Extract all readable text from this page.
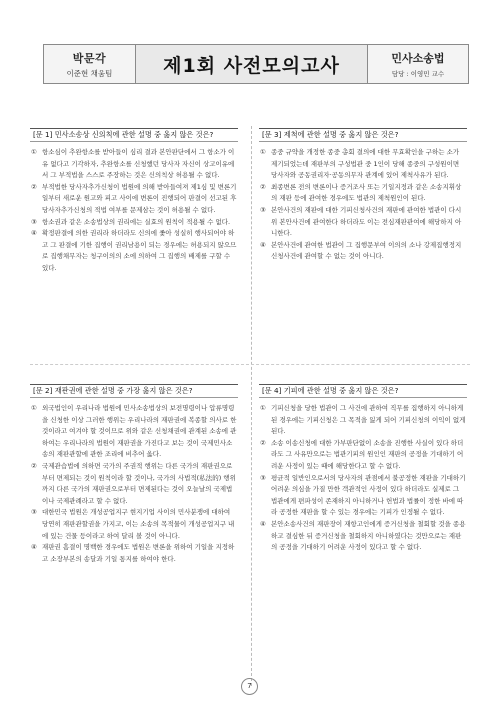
박문각
이준현 채움팀	제1회 사전모의고사	민사소송법
담당 : 이영민 교수
[문 1] 민사소송상 신의칙에 관한 설명 중 옳지 않은 것은?
① 항소심이 추완항소를 받아들이 심리 결과 본안판단에서 그 항소가 이유 없다고 기각하자, 추완항소를 신청했던 당사자 자신이 상고이유에서 그 부적법을 스스로 주장하는 것은 신의칙상 허용될 수 없다.
② 부적법한 당사자추가신청이 법원에 의해 받아들여져 제1심 및 변론기일부터 새로운 원고와 피고 사이에 변론이 진행되어 판결이 선고된 후 당사자추가신청의 적법 여부를 문제삼는 것이 허용될 수 없다.
③ 항소권과 같은 소송법상의 권리에는 실효의 원칙이 적용될 수 없다.
④ 확정판결에 의한 권리라 하더라도 신의에 좇아 성실히 행사되어야 하고 그 판결에 기한 집행이 권리남용이 되는 경우에는 허용되지 않으므로 집행채무자는 청구이의의 소에 의하여 그 집행의 배제를 구할 수 있다.
[문 3] 제척에 관한 설명 중 옳지 않은 것은?
① 종중 규약을 개정한 종중 총회 결의에 대한 무효확인을 구하는 소가 제기되었는데 재판부의 구성법관 중 1인이 당해 종중의 구성원이면 당사자와 공동권리자·공동의무자 관계에 있어 제척사유가 된다.
② 최종변론 전의 변론이나 증거조사 또는 기일지정과 같은 소송지휘상의 재판 등에 관여한 경우에도 법관의 제척원인이 된다.
③ 본안사건의 재판에 대한 기피신청사건의 재판에 관여한 법관이 다시 위 본안사건에 관여한다 하더라도 이는 전심재판관여에 해당하지 아니한다.
④ 본안사건에 관여한 법관이 그 집행문부여 이의의 소나 강제집행정지 신청사건에 관여할 수 없는 것이 아니다.
[문 2] 재판권에 관한 설명 중 가장 옳지 않은 것은?
① 외국법인이 우리나라 법원에 민사소송법상의 보전명령이나 압류명령을 신청한 이상 그러한 행위는 우리나라의 재판권에 복종할 의사로 한 것이라고 여겨야 할 것이므로 위와 같은 신청채권에 관계된 소송에 관하여는 우리나라의 법원이 재판권을 가진다고 보는 것이 국제민사소송의 재판관할에 관한 조리에 비추어 옳다.
② 국제관습법에 의하면 국가의 주권적 행위는 다른 국가의 재판권으로부터 면제되는 것이 원칙이라 할 것이나, 국가의 사법적(私法的) 행위까지 다른 국가의 재판권으로부터 면제된다는 것이 오늘날의 국제법이나 국제관례라고 할 수 없다.
③ 대한민국 법원은 개성공업지구 현지기업 사이의 민사분쟁에 대하여 당연히 재판관할권을 가지고, 이는 소송의 목적물이 개성공업지구 내에 있는 건물 등이라고 하여 달리 볼 것이 아니다.
④ 재판권 흠결이 명백한 경우에도 법원은 변론을 위하여 기일을 지정하고 소장부본의 송달과 기일 통지를 하여야 한다.
[문 4] 기피에 관한 설명 중 옳지 않은 것은?
① 기피신청을 당한 법관이 그 사건에 관하여 직무를 집행하지 아니하게 된 경우에는 기피신청은 그 목적을 잃게 되어 기피신청의 이익이 없게 된다.
② 소송 이송신청에 대한 가부판단없이 소송을 진행한 사실이 있다 하더라도 그 사유만으로는 법관기피의 원인인 재판의 공정을 기대하기 어려운 사정이 있는 때에 해당한다고 할 수 없다.
③ 평균적 일반인으로서의 당사자의 관점에서 불공정한 재판을 기대하기 어려운 의심을 가질 만한 객관적인 사정이 있다 하더라도 실제로 그 법관에게 편파성이 존재하지 아니하거나 헌법과 법률이 정한 바에 따라 공정한 재판을 할 수 있는 경우에는 기피가 인정될 수 없다.
④ 본안소송사건의 재판장이 재항고인에게 증거신청을 철회할 것을 종용하고 결심한 뒤 증거신청을 철회하지 아니하였다는 것만으로는 재판의 공정을 기대하기 어려운 사정이 있다고 할 수 없다.
7
